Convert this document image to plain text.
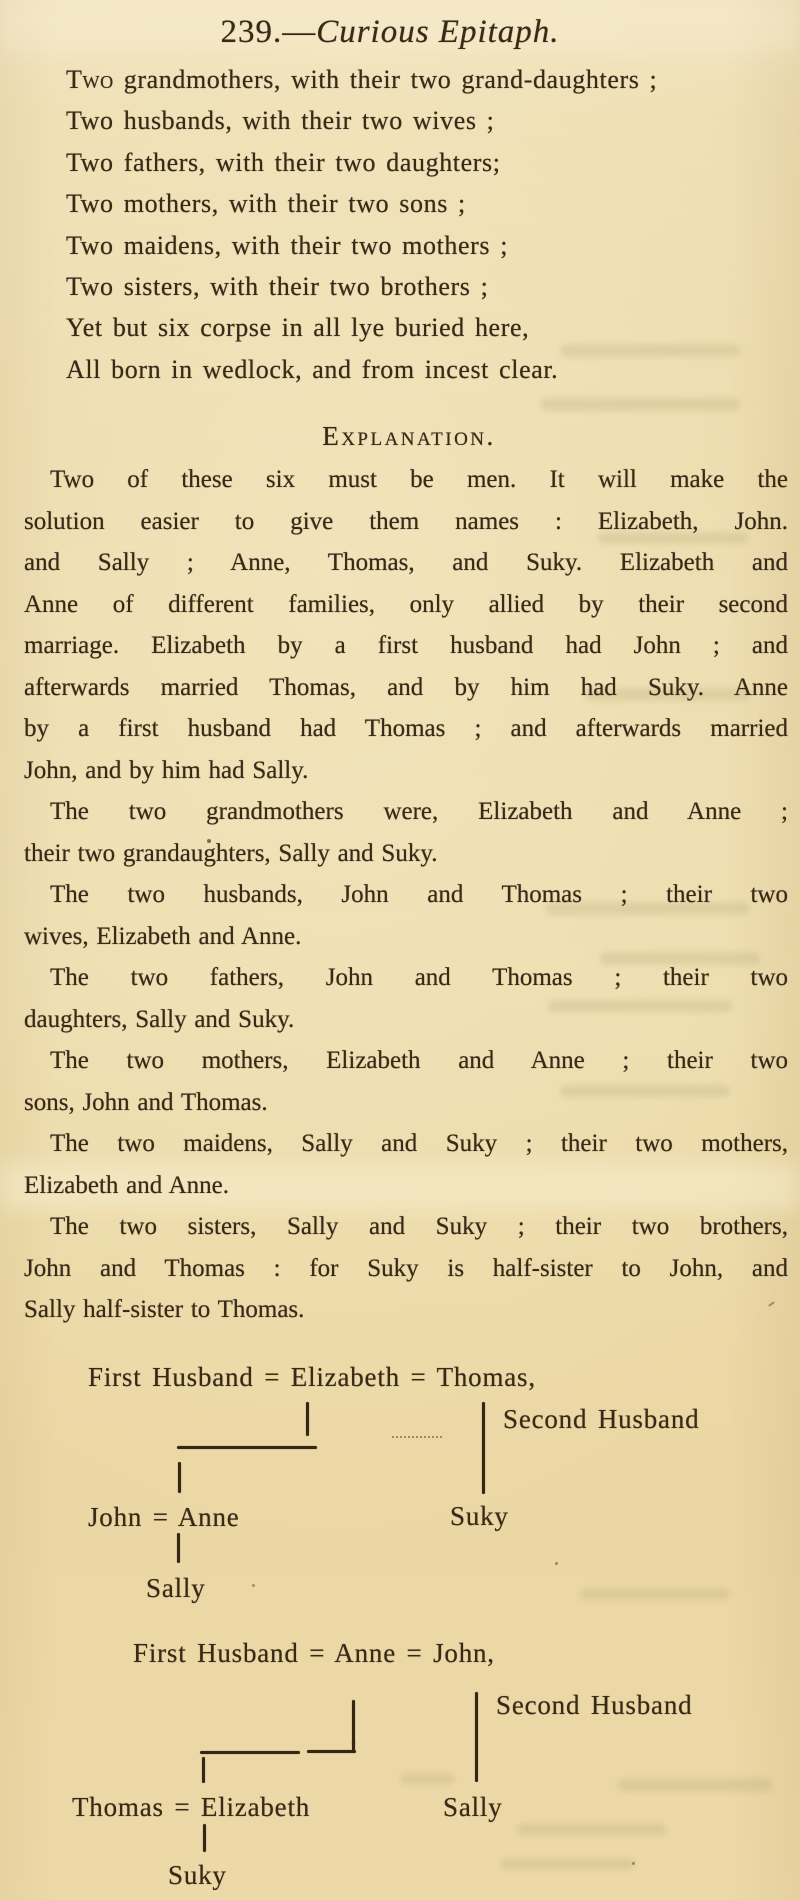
239.—Curious Epitaph.
Two grandmothers, with their two grand-daughters ;
Two husbands, with their two wives ;
Two fathers, with their two daughters;
Two mothers, with their two sons ;
Two maidens, with their two mothers ;
Two sisters, with their two brothers ;
Yet but six corpse in all lye buried here,
All born in wedlock, and from incest clear.
Explanation.
Two of these six must be men. It will make the
solution easier to give them names : Elizabeth, John.
and Sally ; Anne, Thomas, and Suky. Elizabeth and
Anne of different families, only allied by their second
marriage. Elizabeth by a first husband had John ; and
afterwards married Thomas, and by him had Suky. Anne
by a first husband had Thomas ; and afterwards married
John, and by him had Sally.
The two grandmothers were, Elizabeth and Anne ;
their two grandaughters, Sally and Suky.
The two husbands, John and Thomas ; their two
wives, Elizabeth and Anne.
The two fathers, John and Thomas ; their two
daughters, Sally and Suky.
The two mothers, Elizabeth and Anne ; their two
sons, John and Thomas.
The two maidens, Sally and Suky ; their two mothers,
Elizabeth and Anne.
The two sisters, Sally and Suky ; their two brothers,
John and Thomas : for Suky is half-sister to John, and
Sally half-sister to Thomas.
First Husband = Elizabeth = Thomas,
Second Husband
John = Anne	Suky
Sally
First Husband = Anne = John,
Second Husband
Thomas = Elizabeth	Sally
Suky
